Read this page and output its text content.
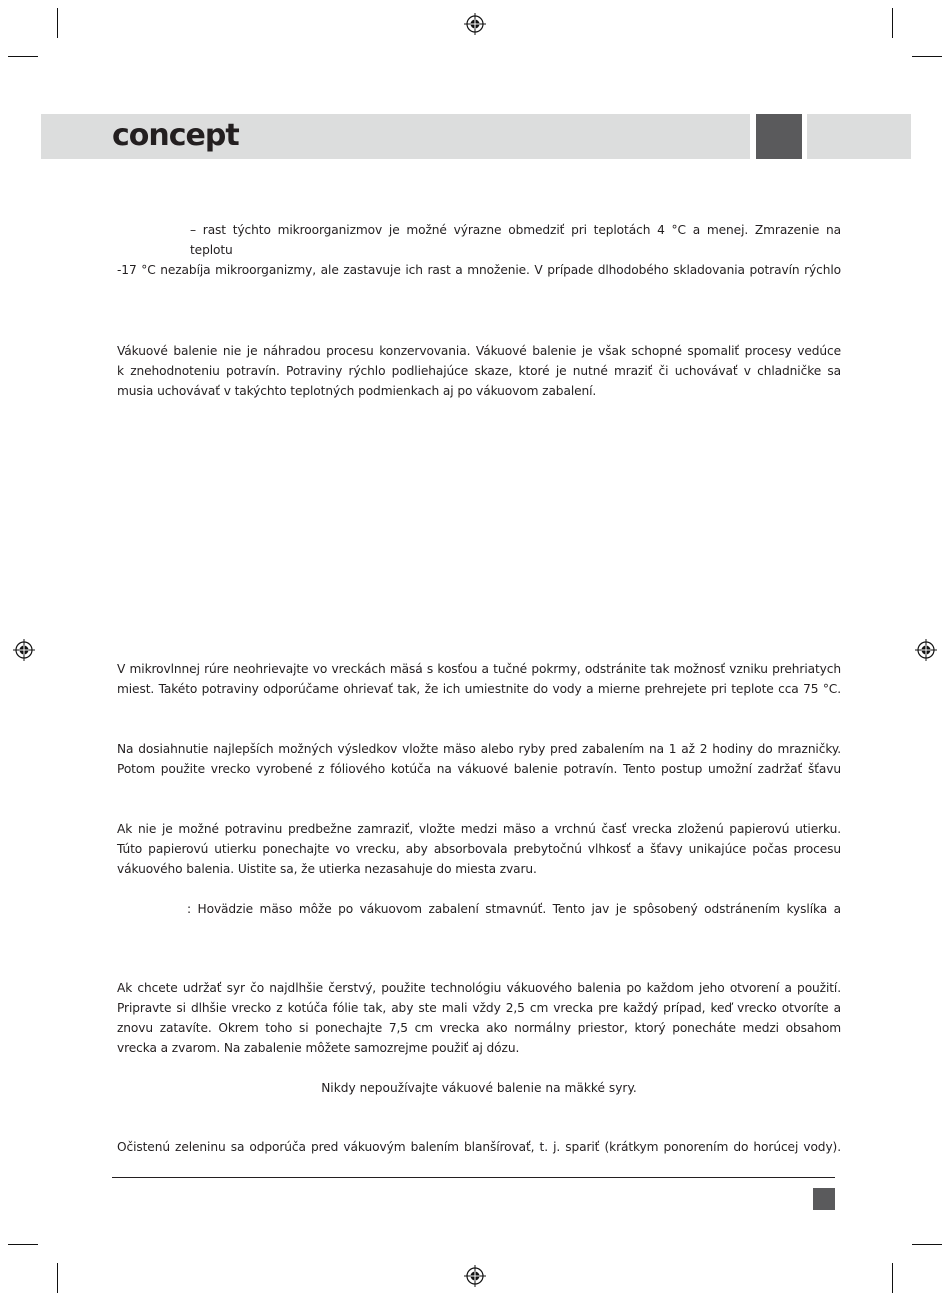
concept
– rast týchto mikroorganizmov je možné výrazne obmedziť pri teplotách 4 °C a menej. Zmrazenie na teplotu
-17 °C nezabíja mikroorganizmy, ale zastavuje ich rast a množenie. V prípade dlhodobého skladovania potravín rýchlo
Vákuové balenie nie je náhradou procesu konzervovania. Vákuové balenie je však schopné spomaliť procesy vedúce
k znehodnoteniu potravín. Potraviny rýchlo podliehajúce skaze, ktoré je nutné mraziť či uchovávať v chladničke sa
musia uchovávať v takýchto teplotných podmienkach aj po vákuovom zabalení.
V mikrovlnnej rúre neohrievajte vo vreckách mäsá s kosťou a tučné pokrmy, odstránite tak možnosť vzniku prehriatych
miest. Takéto potraviny odporúčame ohrievať tak, že ich umiestnite do vody a mierne prehrejete pri teplote cca 75 °C.
Na dosiahnutie najlepších možných výsledkov vložte mäso alebo ryby pred zabalením na 1 až 2 hodiny do mrazničky.
Potom použite vrecko vyrobené z fóliového kotúča na vákuové balenie potravín. Tento postup umožní zadržať šťavu
Ak nie je možné potravinu predbežne zamraziť, vložte medzi mäso a vrchnú časť vrecka zloženú papierovú utierku.
Túto papierovú utierku ponechajte vo vrecku, aby absorbovala prebytočnú vlhkosť a šťavy unikajúce počas procesu
vákuového balenia. Uistite sa, že utierka nezasahuje do miesta zvaru.
: Hovädzie mäso môže po vákuovom zabalení stmavnúť. Tento jav je spôsobený odstránením kyslíka a
Ak chcete udržať syr čo najdlhšie čerstvý, použite technológiu vákuového balenia po každom jeho otvorení a použití.
Pripravte si dlhšie vrecko z kotúča fólie tak, aby ste mali vždy 2,5 cm vrecka pre každý prípad, keď vrecko otvoríte a
znovu zatavíte. Okrem toho si ponechajte 7,5 cm vrecka ako normálny priestor, ktorý ponecháte medzi obsahom
vrecka a zvarom. Na zabalenie môžete samozrejme použiť aj dózu.
Nikdy nepoužívajte vákuové balenie na mäkké syry.
Očistenú zeleninu sa odporúča pred vákuovým balením blanšírovať, t. j. spariť (krátkym ponorením do horúcej vody).
